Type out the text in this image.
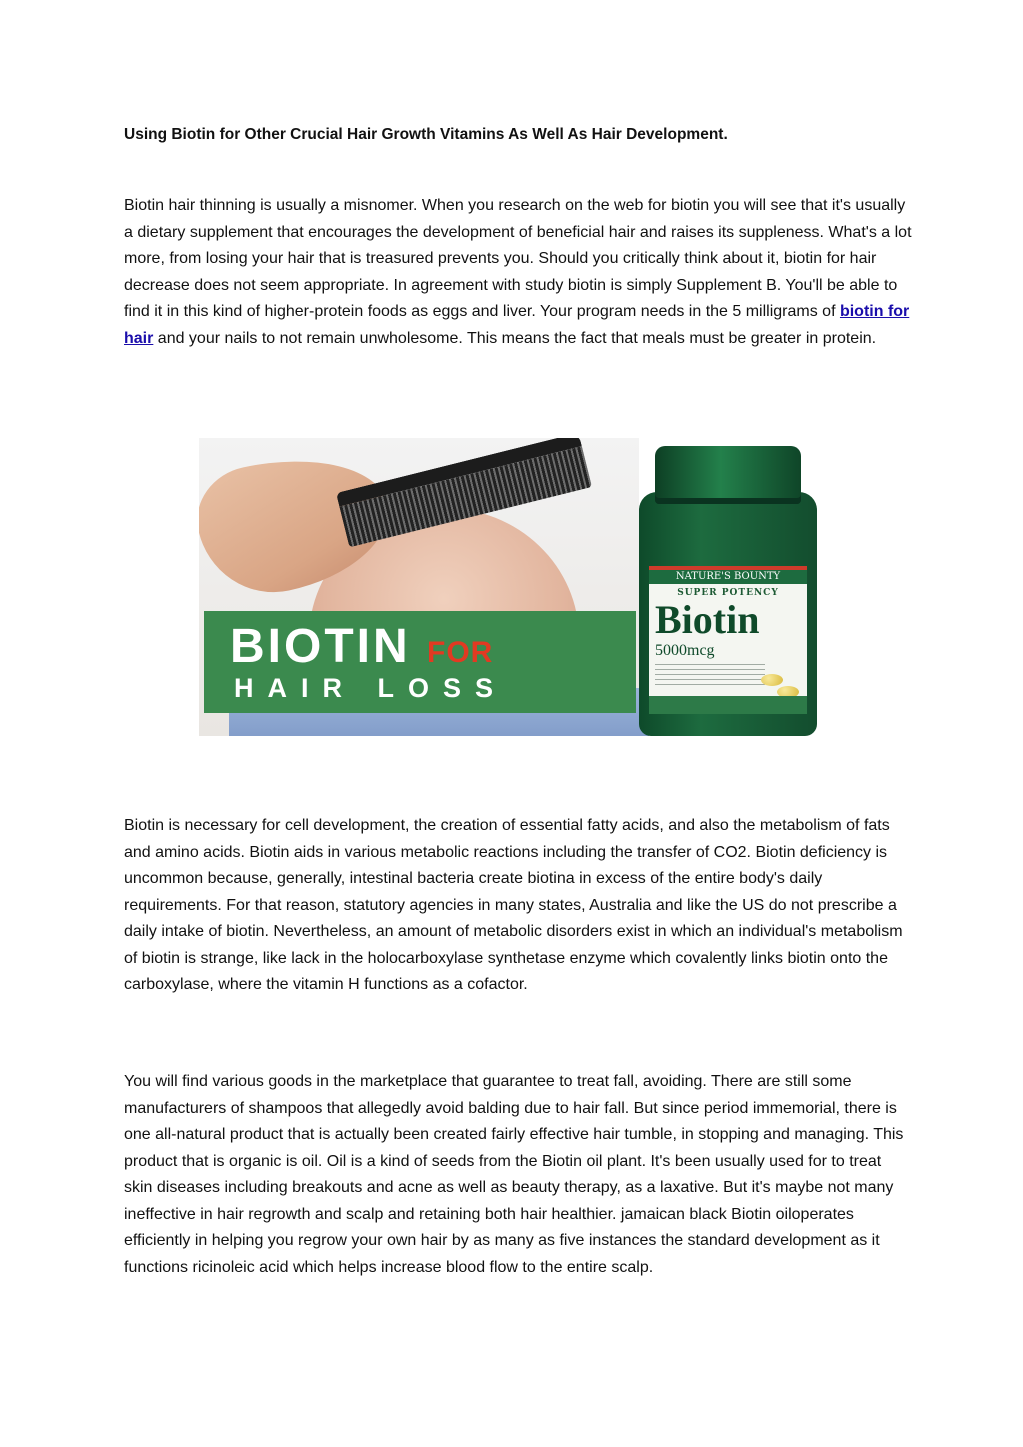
Using Biotin for Other Crucial Hair Growth Vitamins As Well As Hair Development.

Biotin hair thinning is usually a misnomer. When you research on the web for biotin you will see that it's usually a dietary supplement that encourages the development of beneficial hair and raises its suppleness. What's a lot more, from losing your hair that is treasured prevents you. Should you critically think about it, biotin for hair decrease does not seem appropriate. In agreement with study biotin is simply Supplement B. You'll be able to find it in this kind of higher-protein foods as eggs and liver. Your program needs in the 5 milligrams of biotin for hair and your nails to not remain unwholesome. This means the fact that meals must be greater in protein.

BIOTIN FOR
HAIR LOSS
NATURE'S BOUNTY
SUPER POTENCY
Biotin
5000mcg

Biotin is necessary for cell development, the creation of essential fatty acids, and also the metabolism of fats and amino acids. Biotin aids in various metabolic reactions including the transfer of CO2. Biotin deficiency is uncommon because, generally, intestinal bacteria create biotina in excess of the entire body's daily requirements. For that reason, statutory agencies in many states, Australia and like the US do not prescribe a daily intake of biotin. Nevertheless, an amount of metabolic disorders exist in which an individual's metabolism of biotin is strange, like lack in the holocarboxylase synthetase enzyme which covalently links biotin onto the carboxylase, where the vitamin H functions as a cofactor.

You will find various goods in the marketplace that guarantee to treat fall, avoiding. There are still some manufacturers of shampoos that allegedly avoid balding due to hair fall. But since period immemorial, there is one all-natural product that is actually been created fairly effective hair tumble, in stopping and managing. This product that is organic is oil. Oil is a kind of seeds from the Biotin oil plant. It's been usually used for to treat skin diseases including breakouts and acne as well as beauty therapy, as a laxative. But it's maybe not many ineffective in hair regrowth and scalp and retaining both hair healthier. jamaican black Biotin oiloperates efficiently in helping you regrow your own hair by as many as five instances the standard development as it functions ricinoleic acid which helps increase blood flow to the entire scalp.
